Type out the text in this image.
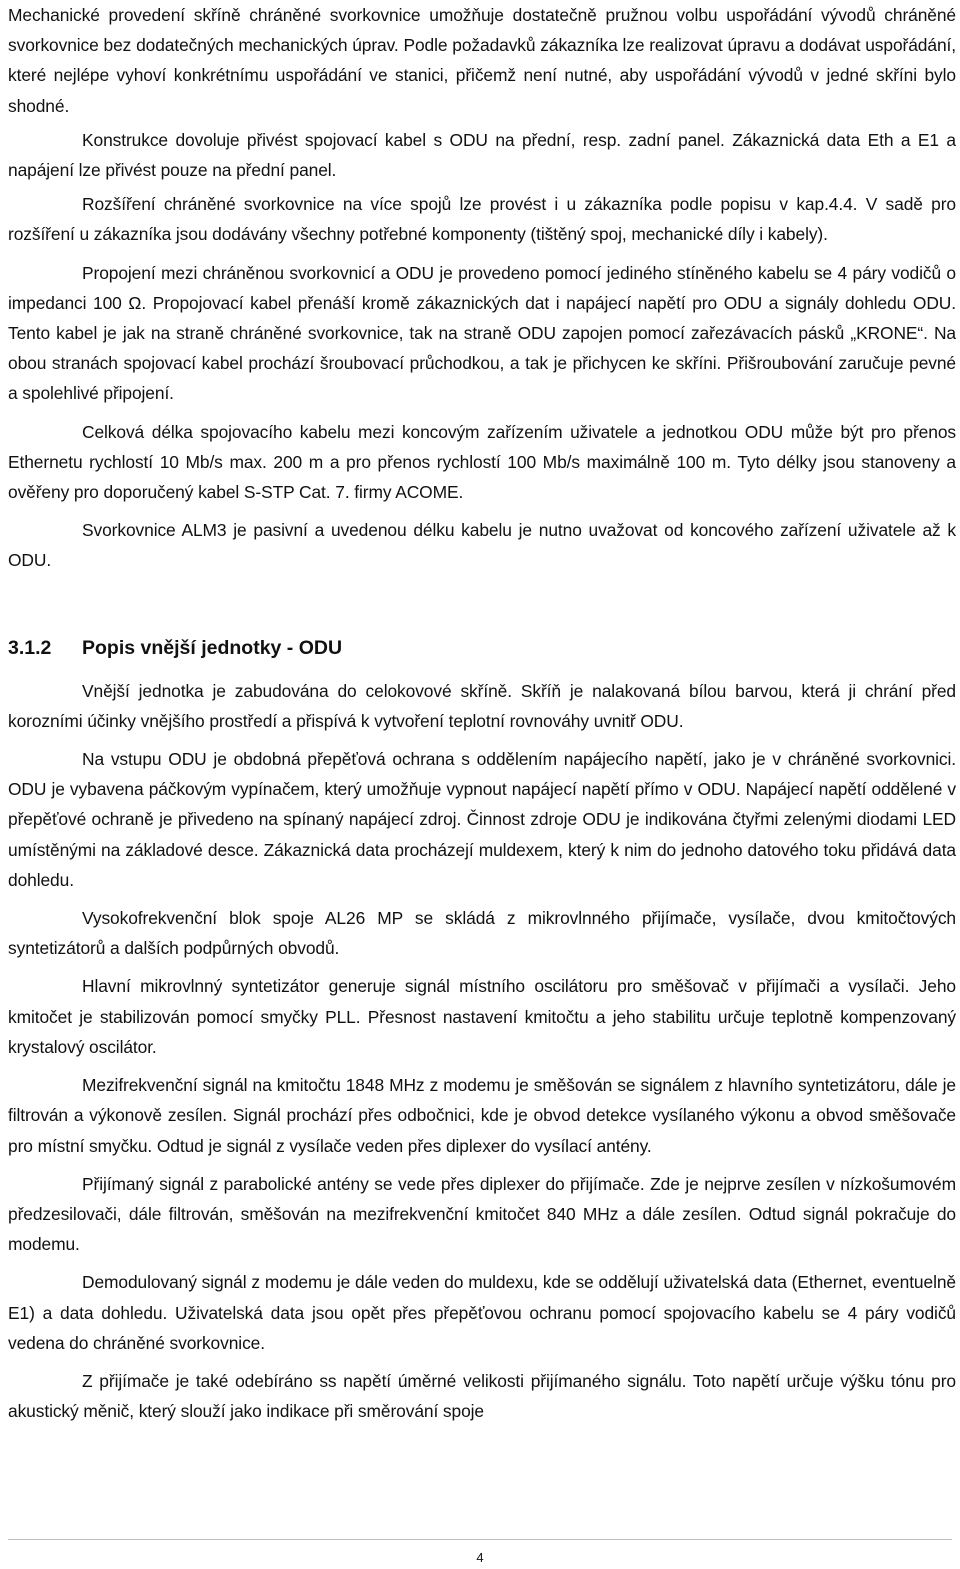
Mechanické provedení skříně chráněné svorkovnice umožňuje dostatečně pružnou volbu uspořádání vývodů chráněné svorkovnice bez dodatečných mechanických úprav. Podle požadavků zákazníka lze realizovat úpravu a dodávat uspořádání, které nejlépe vyhoví konkrétnímu uspořádání ve stanici, přičemž není nutné, aby uspořádání vývodů v jedné skříni bylo shodné.

Konstrukce dovoluje přivést spojovací kabel s ODU na přední, resp. zadní panel. Zákaznická data Eth a E1 a napájení lze přivést pouze na přední panel.

Rozšíření chráněné svorkovnice na více spojů lze provést i u zákazníka podle popisu v kap.4.4. V sadě pro rozšíření u zákazníka jsou dodávány všechny potřebné komponenty (tištěný spoj, mechanické díly i kabely).

Propojení mezi chráněnou svorkovnicí a ODU je provedeno pomocí jediného stíněného kabelu se 4 páry vodičů o impedanci 100 Ω. Propojovací kabel přenáší kromě zákaznických dat i napájecí napětí pro ODU a signály dohledu ODU. Tento kabel je jak na straně chráněné svorkovnice, tak na straně ODU zapojen pomocí zařezávacích pásků „KRONE“. Na obou stranách spojovací kabel prochází šroubovací průchodkou, a tak je přichycen ke skříni. Přišroubování zaručuje pevné a spolehlivé připojení.

Celková délka spojovacího kabelu mezi koncovým zařízením uživatele a jednotkou ODU může být pro přenos Ethernetu rychlostí 10 Mb/s max. 200 m a pro přenos rychlostí 100 Mb/s maximálně 100 m. Tyto délky jsou stanoveny a ověřeny pro doporučený kabel S-STP Cat. 7. firmy ACOME.

Svorkovnice ALM3 je pasivní a uvedenou délku kabelu je nutno uvažovat od koncového zařízení uživatele až k ODU.

3.1.2	Popis vnější jednotky - ODU

Vnější jednotka je zabudována do celokovové skříně. Skříň je nalakovaná bílou barvou, která ji chrání před korozními účinky vnějšího prostředí a přispívá k vytvoření teplotní rovnováhy uvnitř ODU.

Na vstupu ODU je obdobná přepěťová ochrana s oddělením napájecího napětí, jako je v chráněné svorkovnici. ODU je vybavena páčkovým vypínačem, který umožňuje vypnout napájecí napětí přímo v ODU. Napájecí napětí oddělené v přepěťové ochraně je přivedeno na spínaný napájecí zdroj. Činnost zdroje ODU je indikována čtyřmi zelenými diodami LED umístěnými na základové desce. Zákaznická data procházejí muldexem, který k nim do jednoho datového toku přidává data dohledu.

Vysokofrekvenční blok spoje AL26 MP se skládá z mikrovlnného přijímače, vysílače, dvou kmitočtových syntetizátorů a dalších podpůrných obvodů.

Hlavní mikrovlnný syntetizátor generuje signál místního oscilátoru pro směšovač v přijímači a vysílači. Jeho kmitočet je stabilizován pomocí smyčky PLL. Přesnost nastavení kmitočtu a jeho stabilitu určuje teplotně kompenzovaný krystalový oscilátor.

Mezifrekvenční signál na kmitočtu 1848 MHz z modemu je směšován se signálem z hlavního syntetizátoru, dále je filtrován a výkonově zesílen. Signál prochází přes odbočnici, kde je obvod detekce vysílaného výkonu a obvod směšovače pro místní smyčku. Odtud je signál z vysílače veden přes diplexer do vysílací antény.

Přijímaný signál z parabolické antény se vede přes diplexer do přijímače. Zde je nejprve zesílen v nízkošumovém předzesilovači, dále filtrován, směšován na mezifrekvenční kmitočet 840 MHz a dále zesílen. Odtud signál pokračuje do modemu.

Demodulovaný signál z modemu je dále veden do muldexu, kde se oddělují uživatelská data (Ethernet, eventuelně E1) a data dohledu. Uživatelská data jsou opět přes přepěťovou ochranu pomocí spojovacího kabelu se 4 páry vodičů vedena do chráněné svorkovnice.

Z přijímače je také odebíráno ss napětí úměrné velikosti přijímaného signálu. Toto napětí určuje výšku tónu pro akustický měnič, který slouží jako indikace při směrování spoje

4
